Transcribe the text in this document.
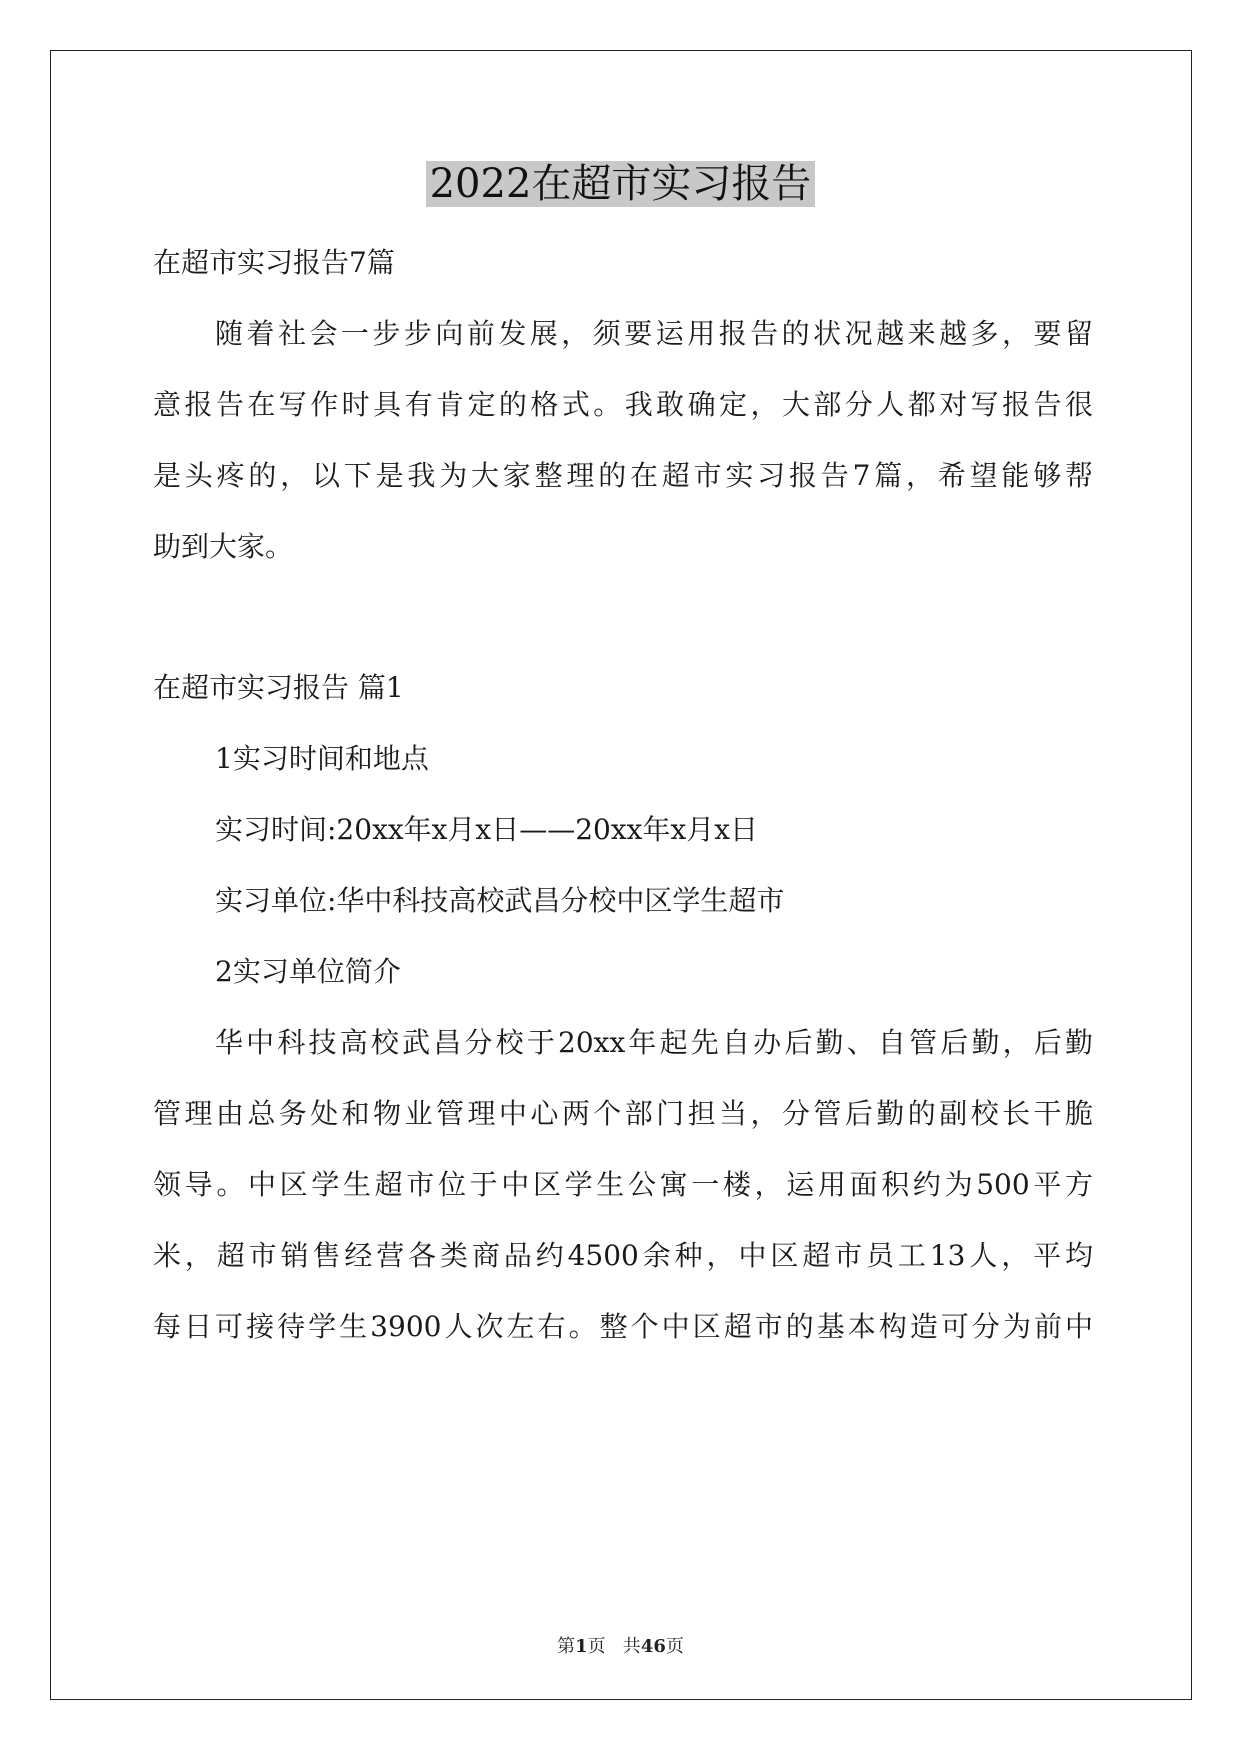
2022在超市实习报告
在超市实习报告7篇
随着社会一步步向前发展，须要运用报告的状况越来越多，要留
意报告在写作时具有肯定的格式。我敢确定，大部分人都对写报告很
是头疼的，以下是我为大家整理的在超市实习报告7篇，希望能够帮
助到大家。
在超市实习报告 篇1
1实习时间和地点
实习时间:20xx年x月x日——20xx年x月x日
实习单位:华中科技高校武昌分校中区学生超市
2实习单位简介
华中科技高校武昌分校于20xx年起先自办后勤、自管后勤，后勤
管理由总务处和物业管理中心两个部门担当，分管后勤的副校长干脆
领导。中区学生超市位于中区学生公寓一楼，运用面积约为500平方
米，超市销售经营各类商品约4500余种，中区超市员工13人，平均
每日可接待学生3900人次左右。整个中区超市的基本构造可分为前中
第1页   共46页
